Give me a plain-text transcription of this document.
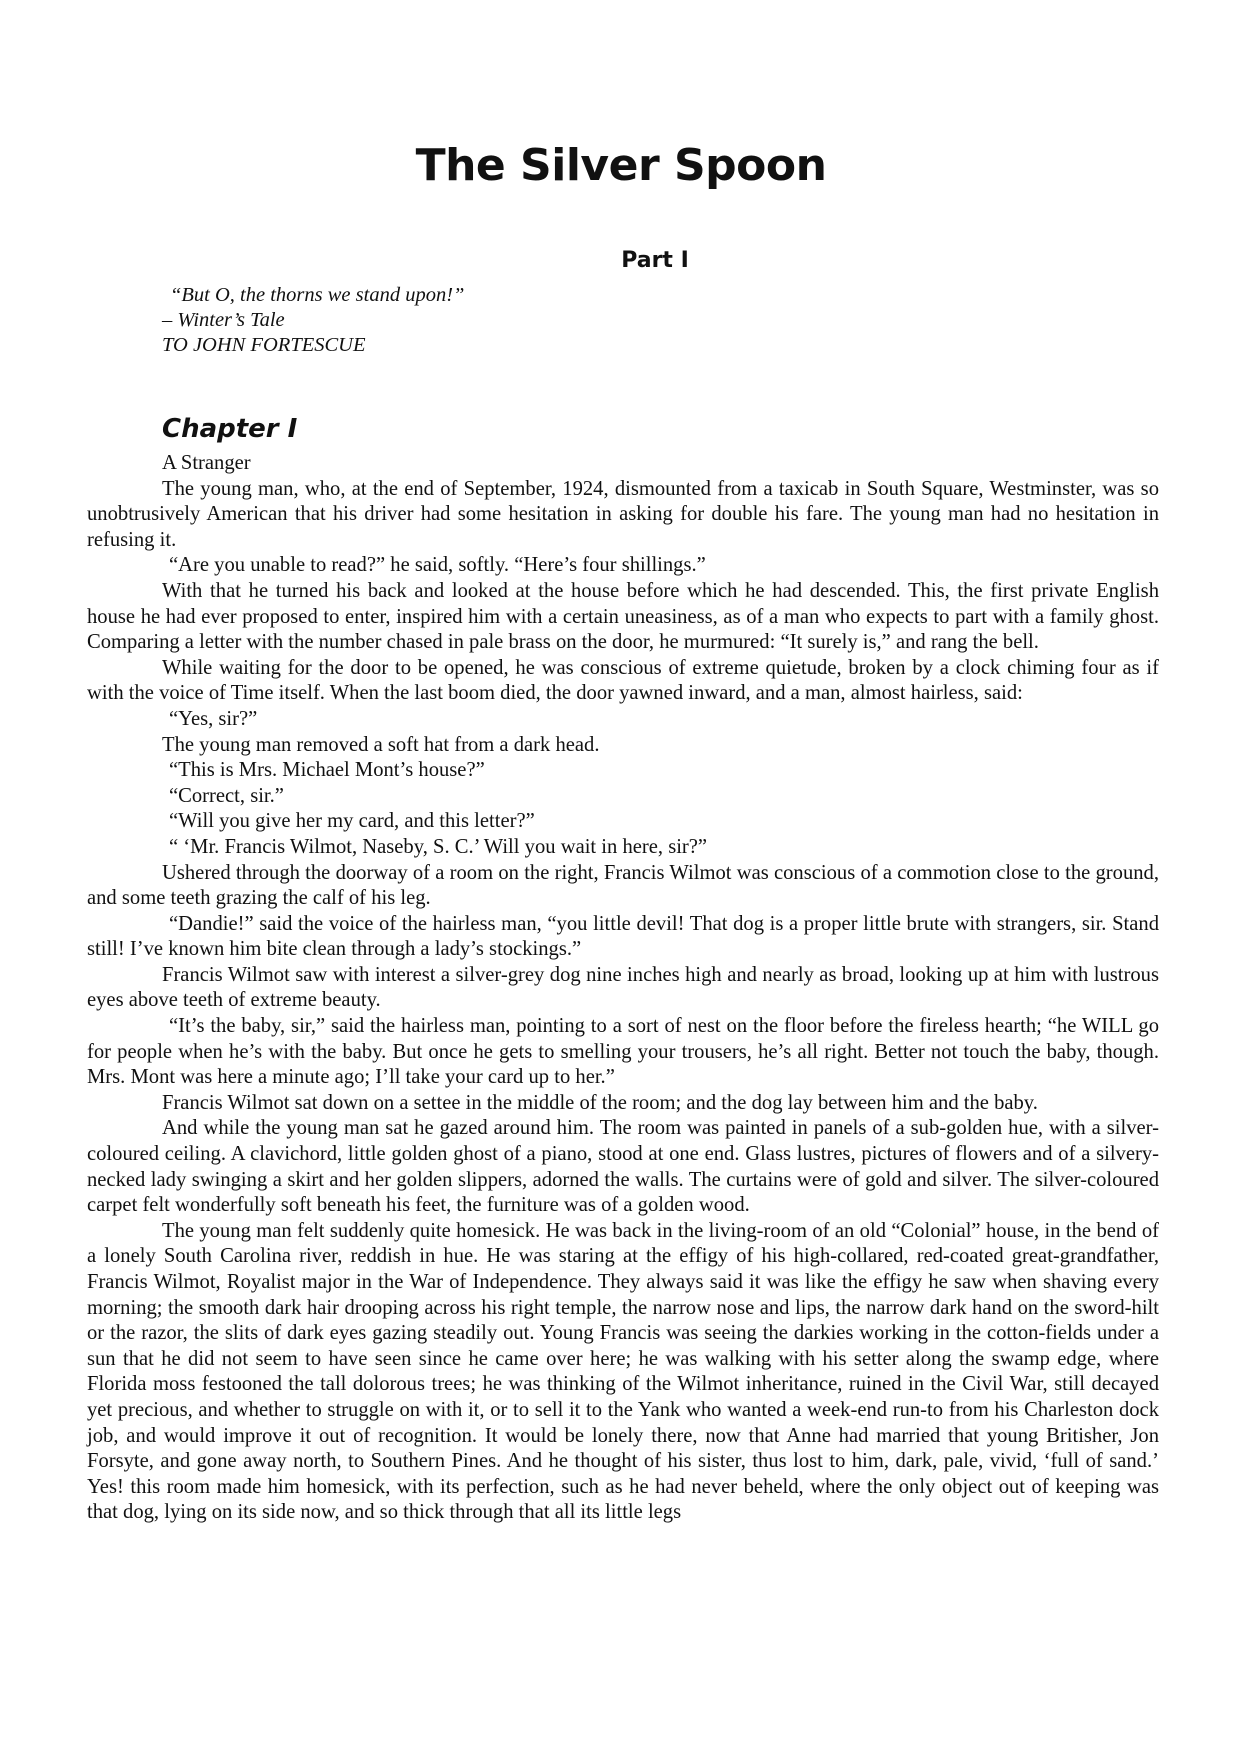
The Silver Spoon
Part I
“But O, the thorns we stand upon!”
– Winter’s Tale
TO JOHN FORTESCUE
Chapter I

A Stranger

The young man, who, at the end of September, 1924, dismounted from a taxicab in South Square, Westminster, was so unobtrusively American that his driver had some hesitation in asking for double his fare. The young man had no hesitation in refusing it.

“Are you unable to read?” he said, softly. “Here’s four shillings.”

With that he turned his back and looked at the house before which he had descended. This, the first private English house he had ever proposed to enter, inspired him with a certain uneasiness, as of a man who expects to part with a family ghost. Comparing a letter with the number chased in pale brass on the door, he murmured: “It surely is,” and rang the bell.

While waiting for the door to be opened, he was conscious of extreme quietude, broken by a clock chiming four as if with the voice of Time itself. When the last boom died, the door yawned inward, and a man, almost hairless, said:

“Yes, sir?”

The young man removed a soft hat from a dark head.

“This is Mrs. Michael Mont’s house?”

“Correct, sir.”

“Will you give her my card, and this letter?”

“ ‘Mr. Francis Wilmot, Naseby, S. C.’ Will you wait in here, sir?”

Ushered through the doorway of a room on the right, Francis Wilmot was conscious of a commotion close to the ground, and some teeth grazing the calf of his leg.

“Dandie!” said the voice of the hairless man, “you little devil! That dog is a proper little brute with strangers, sir. Stand still! I’ve known him bite clean through a lady’s stockings.”

Francis Wilmot saw with interest a silver-grey dog nine inches high and nearly as broad, looking up at him with lustrous eyes above teeth of extreme beauty.

“It’s the baby, sir,” said the hairless man, pointing to a sort of nest on the floor before the fireless hearth; “he WILL go for people when he’s with the baby. But once he gets to smelling your trousers, he’s all right. Better not touch the baby, though. Mrs. Mont was here a minute ago; I’ll take your card up to her.”

Francis Wilmot sat down on a settee in the middle of the room; and the dog lay between him and the baby.

And while the young man sat he gazed around him. The room was painted in panels of a sub-golden hue, with a silver-coloured ceiling. A clavichord, little golden ghost of a piano, stood at one end. Glass lustres, pictures of flowers and of a silvery-necked lady swinging a skirt and her golden slippers, adorned the walls. The curtains were of gold and silver. The silver-coloured carpet felt wonderfully soft beneath his feet, the furniture was of a golden wood.

The young man felt suddenly quite homesick. He was back in the living-room of an old “Colonial” house, in the bend of a lonely South Carolina river, reddish in hue. He was staring at the effigy of his high-collared, red-coated great-grandfather, Francis Wilmot, Royalist major in the War of Independence. They always said it was like the effigy he saw when shaving every morning; the smooth dark hair drooping across his right temple, the narrow nose and lips, the narrow dark hand on the sword-hilt or the razor, the slits of dark eyes gazing steadily out. Young Francis was seeing the darkies working in the cotton-fields under a sun that he did not seem to have seen since he came over here; he was walking with his setter along the swamp edge, where Florida moss festooned the tall dolorous trees; he was thinking of the Wilmot inheritance, ruined in the Civil War, still decayed yet precious, and whether to struggle on with it, or to sell it to the Yank who wanted a week-end run-to from his Charleston dock job, and would improve it out of recognition. It would be lonely there, now that Anne had married that young Britisher, Jon Forsyte, and gone away north, to Southern Pines. And he thought of his sister, thus lost to him, dark, pale, vivid, ‘full of sand.’ Yes! this room made him homesick, with its perfection, such as he had never beheld, where the only object out of keeping was that dog, lying on its side now, and so thick through that all its little legs
